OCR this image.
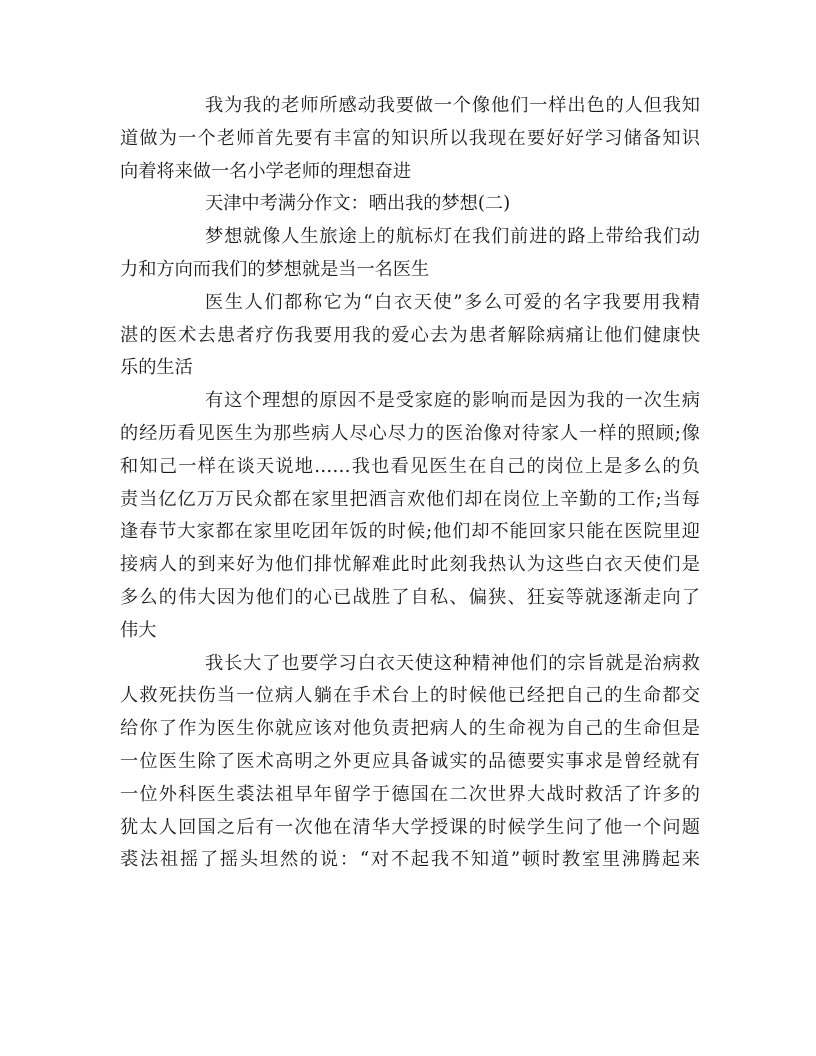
我为我的老师所感动我要做一个像他们一样出色的人但我知
道做为一个老师首先要有丰富的知识所以我现在要好好学习储备知识
向着将来做一名小学老师的理想奋进
天津中考满分作文：晒出我的梦想(二)
梦想就像人生旅途上的航标灯在我们前进的路上带给我们动
力和方向而我们的梦想就是当一名医生
医生人们都称它为“白衣天使”多么可爱的名字我要用我精
湛的医术去患者疗伤我要用我的爱心去为患者解除病痛让他们健康快
乐的生活
有这个理想的原因不是受家庭的影响而是因为我的一次生病
的经历看见医生为那些病人尽心尽力的医治像对待家人一样的照顾;像
和知己一样在谈天说地……我也看见医生在自己的岗位上是多么的负
责当亿亿万万民众都在家里把酒言欢他们却在岗位上辛勤的工作;当每
逢春节大家都在家里吃团年饭的时候;他们却不能回家只能在医院里迎
接病人的到来好为他们排忧解难此时此刻我热认为这些白衣天使们是
多么的伟大因为他们的心已战胜了自私、偏狭、狂妄等就逐渐走向了
伟大
我长大了也要学习白衣天使这种精神他们的宗旨就是治病救
人救死扶伤当一位病人躺在手术台上的时候他已经把自己的生命都交
给你了作为医生你就应该对他负责把病人的生命视为自己的生命但是
一位医生除了医术高明之外更应具备诚实的品德要实事求是曾经就有
一位外科医生裘法祖早年留学于德国在二次世界大战时救活了许多的
犹太人回国之后有一次他在清华大学授课的时候学生问了他一个问题
裘法祖摇了摇头坦然的说：“对不起我不知道”顿时教室里沸腾起来
